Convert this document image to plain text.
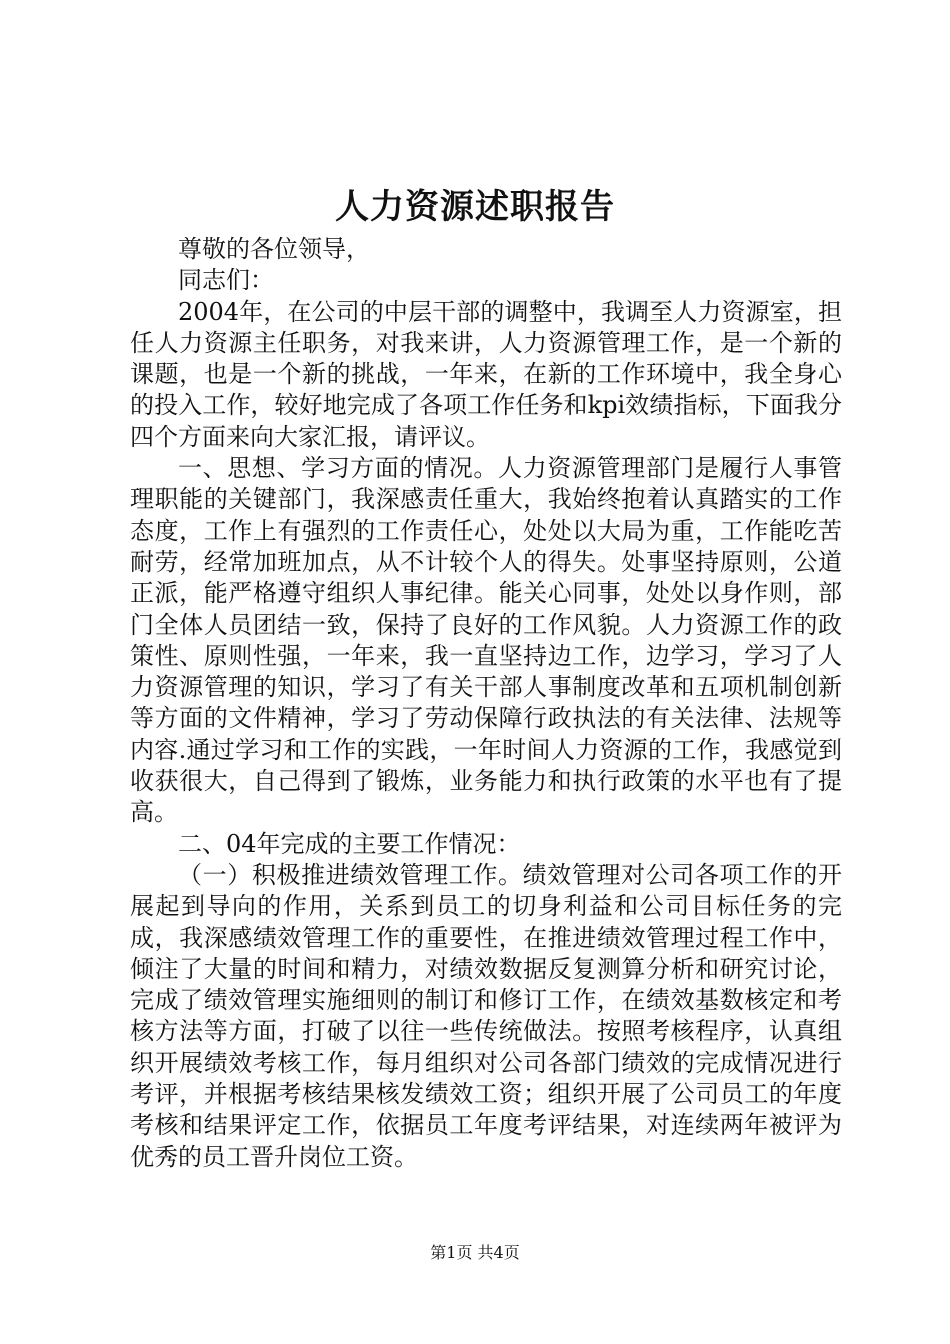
人力资源述职报告

尊敬的各位领导，

同志们：

2004年，在公司的中层干部的调整中，我调至人力资源室，担任人力资源主任职务，对我来讲，人力资源管理工作，是一个新的课题，也是一个新的挑战，一年来，在新的工作环境中，我全身心的投入工作，较好地完成了各项工作任务和kpi效绩指标，下面我分四个方面来向大家汇报，请评议。

一、思想、学习方面的情况。人力资源管理部门是履行人事管理职能的关键部门，我深感责任重大，我始终抱着认真踏实的工作态度，工作上有强烈的工作责任心，处处以大局为重，工作能吃苦耐劳，经常加班加点，从不计较个人的得失。处事坚持原则，公道正派，能严格遵守组织人事纪律。能关心同事，处处以身作则，部门全体人员团结一致，保持了良好的工作风貌。人力资源工作的政策性、原则性强，一年来，我一直坚持边工作，边学习，学习了人力资源管理的知识，学习了有关干部人事制度改革和五项机制创新等方面的文件精神，学习了劳动保障行政执法的有关法律、法规等内容.通过学习和工作的实践，一年时间人力资源的工作，我感觉到收获很大，自己得到了锻炼，业务能力和执行政策的水平也有了提高。

二、04年完成的主要工作情况：

（一）积极推进绩效管理工作。绩效管理对公司各项工作的开展起到导向的作用，关系到员工的切身利益和公司目标任务的完成，我深感绩效管理工作的重要性，在推进绩效管理过程工作中，倾注了大量的时间和精力，对绩效数据反复测算分析和研究讨论，完成了绩效管理实施细则的制订和修订工作，在绩效基数核定和考核方法等方面，打破了以往一些传统做法。按照考核程序，认真组织开展绩效考核工作，每月组织对公司各部门绩效的完成情况进行考评，并根据考核结果核发绩效工资；组织开展了公司员工的年度考核和结果评定工作，依据员工年度考评结果，对连续两年被评为优秀的员工晋升岗位工资。

第1页 共4页
